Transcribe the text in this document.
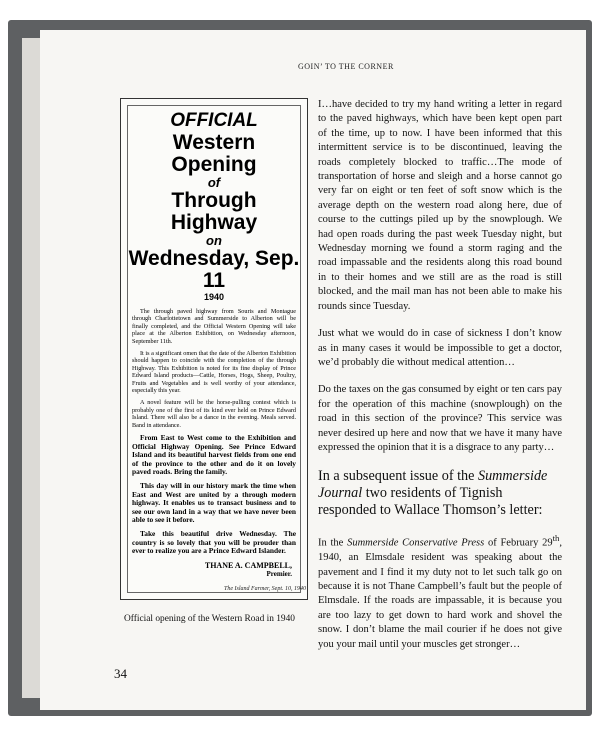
GOIN’ TO THE CORNER
OFFICIAL
Western Opening
of
Through Highway
on
Wednesday, Sep. 11
1940

The through paved highway from Souris and Montague through Charlottetown and Summerside to Alberton will be finally completed, and the Official Western Opening will take place at the Alberton Exhibition, on Wednesday afternoon, September 11th.

It is a significant omen that the date of the Alberton Exhibition should happen to coincide with the completion of the through Highway. This Exhibition is noted for its fine display of Prince Edward Island products—Cattle, Horses, Hogs, Sheep, Poultry, Fruits and Vegetables and is well worthy of your attendance, especially this year.

A novel feature will be the horse-pulling contest which is probably one of the first of its kind ever held on Prince Edward Island. There will also be a dance in the evening. Meals served. Band in attendance.

From East to West come to the Exhibition and Official Highway Opening. See Prince Edward Island and its beautiful harvest fields from one end of the province to the other and do it on lovely paved roads. Bring the family.

This day will in our history mark the time when East and West are united by a through modern highway. It enables us to transact business and to see our own land in a way that we have never been able to see it before.

Take this beautiful drive Wednesday. The country is so lovely that you will be prouder than ever to realize you are a Prince Edward Islander.

THANE A. CAMPBELL,
Premier.
The Island Farmer, Sept. 10, 1940
Official opening of the Western Road in 1940
34

I…have decided to try my hand writing a letter in regard to the paved highways, which have been kept open part of the time, up to now. I have been informed that this intermittent service is to be discontinued, leaving the roads completely blocked to traffic…The mode of transportation of horse and sleigh and a horse cannot go very far on eight or ten feet of soft snow which is the average depth on the western road along here, due of course to the cuttings piled up by the snowplough. We had open roads during the past week Tuesday night, but Wednesday morning we found a storm raging and the road impassable and the residents along this road bound in to their homes and we still are as the road is still blocked, and the mail man has not been able to make his rounds since Tuesday.

Just what we would do in case of sickness I don’t know as in many cases it would be impossible to get a doctor, we’d probably die without medical attention…

Do the taxes on the gas consumed by eight or ten cars pay for the operation of this machine (snowplough) on the road in this section of the province? This service was never desired up here and now that we have it many have expressed the opinion that it is a disgrace to any party…

In a subsequent issue of the Summerside Journal two residents of Tignish responded to Wallace Thomson’s letter:

In the Summerside Conservative Press of February 29th, 1940, an Elmsdale resident was speaking about the pavement and I find it my duty not to let such talk go on because it is not Thane Campbell’s fault but the people of Elmsdale. If the roads are impassable, it is because you are too lazy to get down to hard work and shovel the snow. I don’t blame the mail courier if he does not give you your mail until your muscles get stronger…
